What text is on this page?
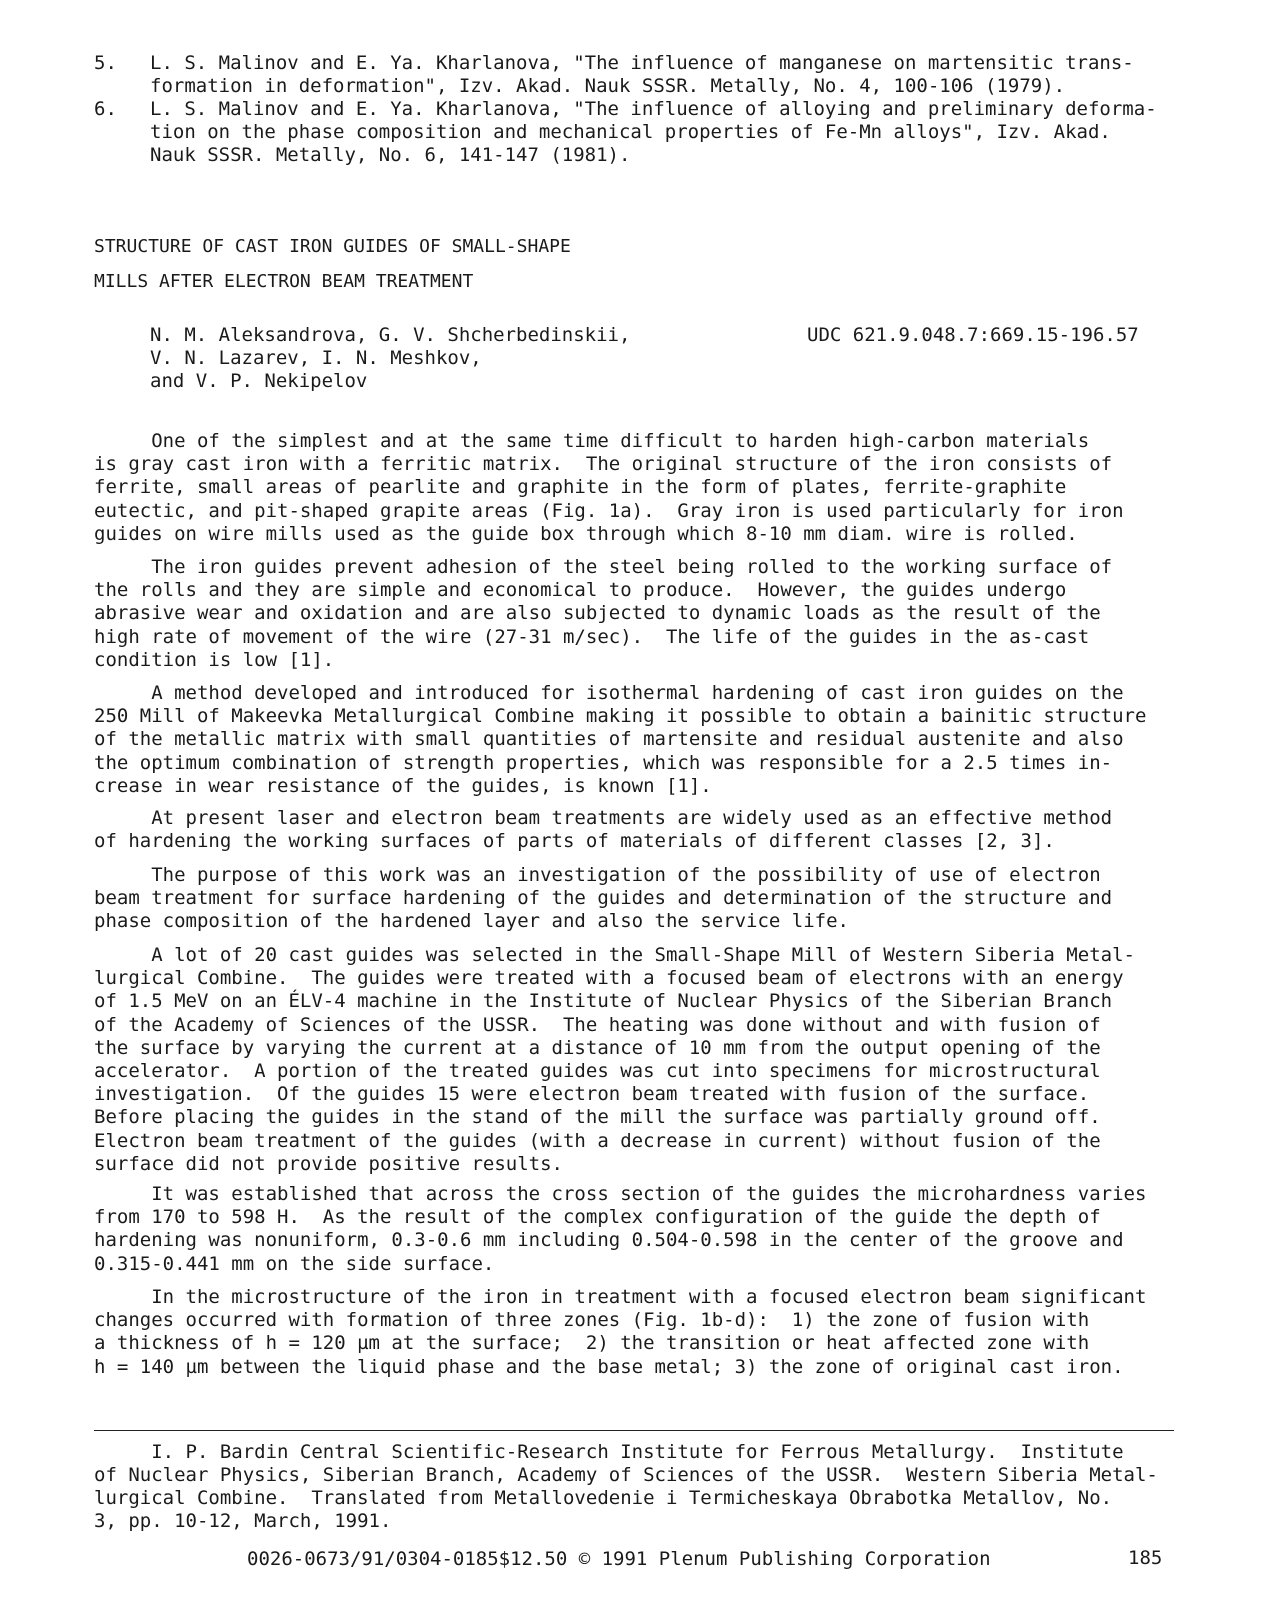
5. L. S. Malinov and E. Ya. Kharlanova, "The influence of manganese on martensitic trans-
formation in deformation", Izv. Akad. Nauk SSSR. Metally, No. 4, 100-106 (1979).
6. L. S. Malinov and E. Ya. Kharlanova, "The influence of alloying and preliminary deforma-
tion on the phase composition and mechanical properties of Fe-Mn alloys", Izv. Akad.
Nauk SSSR. Metally, No. 6, 141-147 (1981).
STRUCTURE OF CAST IRON GUIDES OF SMALL-SHAPE
MILLS AFTER ELECTRON BEAM TREATMENT
N. M. Aleksandrova, G. V. Shcherbedinskii,
V. N. Lazarev, I. N. Meshkov,
and V. P. Nekipelov
UDC 621.9.048.7:669.15-196.57
One of the simplest and at the same time difficult to harden high-carbon materials
is gray cast iron with a ferritic matrix.  The original structure of the iron consists of
ferrite, small areas of pearlite and graphite in the form of plates, ferrite-graphite
eutectic, and pit-shaped grapite areas (Fig. 1a).  Gray iron is used particularly for iron
guides on wire mills used as the guide box through which 8-10 mm diam. wire is rolled.
The iron guides prevent adhesion of the steel being rolled to the working surface of
the rolls and they are simple and economical to produce.  However, the guides undergo
abrasive wear and oxidation and are also subjected to dynamic loads as the result of the
high rate of movement of the wire (27-31 m/sec).  The life of the guides in the as-cast
condition is low [1].
A method developed and introduced for isothermal hardening of cast iron guides on the
250 Mill of Makeevka Metallurgical Combine making it possible to obtain a bainitic structure
of the metallic matrix with small quantities of martensite and residual austenite and also
the optimum combination of strength properties, which was responsible for a 2.5 times in-
crease in wear resistance of the guides, is known [1].
At present laser and electron beam treatments are widely used as an effective method
of hardening the working surfaces of parts of materials of different classes [2, 3].
The purpose of this work was an investigation of the possibility of use of electron
beam treatment for surface hardening of the guides and determination of the structure and
phase composition of the hardened layer and also the service life.
A lot of 20 cast guides was selected in the Small-Shape Mill of Western Siberia Metal-
lurgical Combine.  The guides were treated with a focused beam of electrons with an energy
of 1.5 MeV on an ÉLV-4 machine in the Institute of Nuclear Physics of the Siberian Branch
of the Academy of Sciences of the USSR.  The heating was done without and with fusion of
the surface by varying the current at a distance of 10 mm from the output opening of the
accelerator.  A portion of the treated guides was cut into specimens for microstructural
investigation.  Of the guides 15 were electron beam treated with fusion of the surface.
Before placing the guides in the stand of the mill the surface was partially ground off.
Electron beam treatment of the guides (with a decrease in current) without fusion of the
surface did not provide positive results.
It was established that across the cross section of the guides the microhardness varies
from 170 to 598 H.  As the result of the complex configuration of the guide the depth of
hardening was nonuniform, 0.3-0.6 mm including 0.504-0.598 in the center of the groove and
0.315-0.441 mm on the side surface.
In the microstructure of the iron in treatment with a focused electron beam significant
changes occurred with formation of three zones (Fig. 1b-d):  1) the zone of fusion with
a thickness of h = 120 µm at the surface;  2) the transition or heat affected zone with
h = 140 µm between the liquid phase and the base metal; 3) the zone of original cast iron.
I. P. Bardin Central Scientific-Research Institute for Ferrous Metallurgy.  Institute
of Nuclear Physics, Siberian Branch, Academy of Sciences of the USSR.  Western Siberia Metal-
lurgical Combine.  Translated from Metallovedenie i Termicheskaya Obrabotka Metallov, No.
3, pp. 10-12, March, 1991.
0026-0673/91/0304-0185$12.50 © 1991 Plenum Publishing Corporation	185
